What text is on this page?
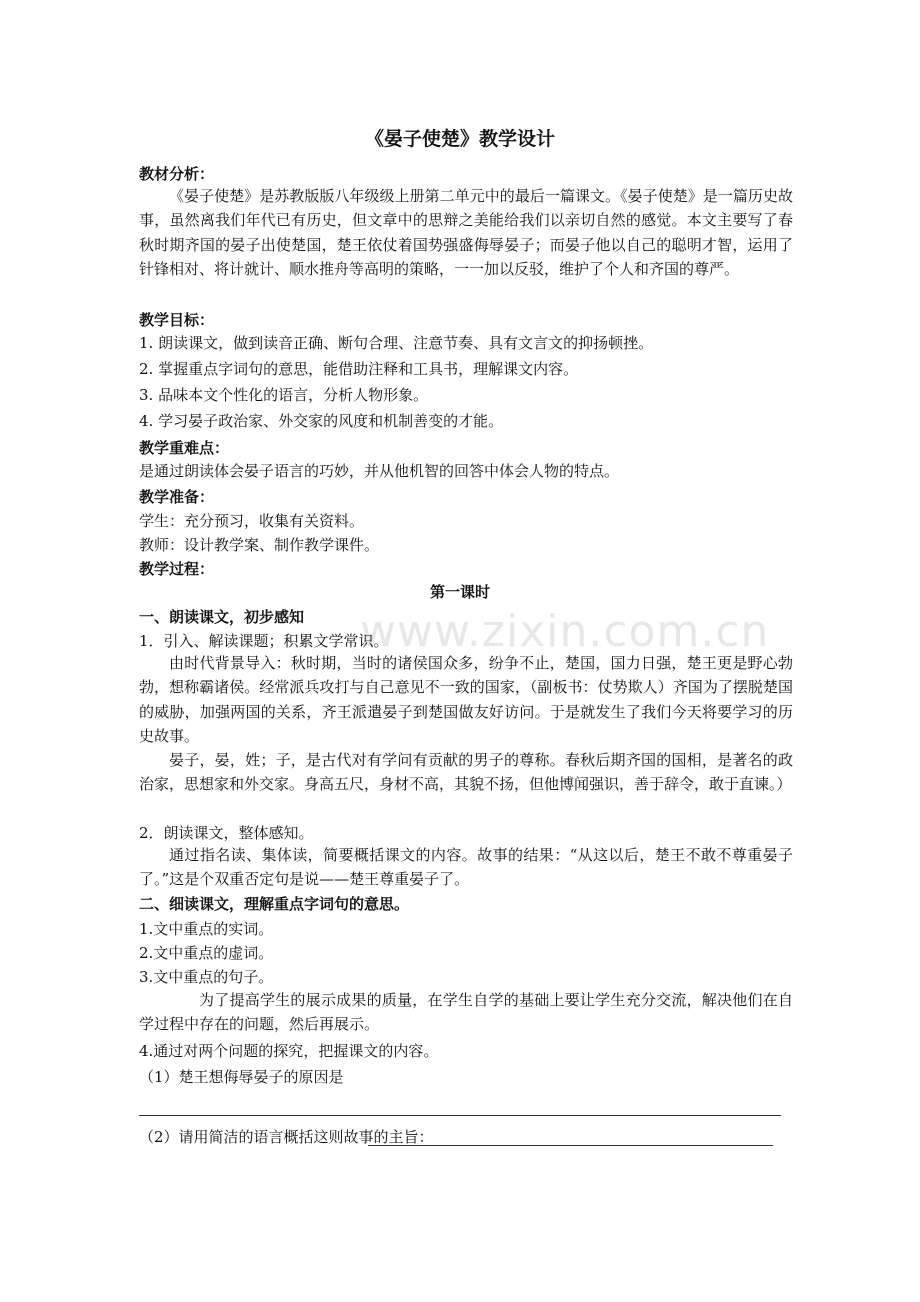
www.zixin.com.cn
《晏子使楚》教学设计
教材分析：
《晏子使楚》是苏教版版八年级级上册第二单元中的最后一篇课文。《晏子使楚》是一篇历史故事，虽然离我们年代已有历史，但文章中的思辩之美能给我们以亲切自然的感觉。本文主要写了春秋时期齐国的晏子出使楚国，楚王依仗着国势强盛侮辱晏子；而晏子他以自己的聪明才智，运用了针锋相对、将计就计、顺水推舟等高明的策略，一一加以反驳，维护了个人和齐国的尊严。
教学目标：
1. 朗读课文，做到读音正确、断句合理、注意节奏、具有文言文的抑扬顿挫。
2. 掌握重点字词句的意思，能借助注释和工具书，理解课文内容。
3. 品味本文个性化的语言，分析人物形象。
4. 学习晏子政治家、外交家的风度和机制善变的才能。
教学重难点：
是通过朗读体会晏子语言的巧妙，并从他机智的回答中体会人物的特点。
教学准备：
学生：充分预习，收集有关资料。
教师：设计教学案、制作教学课件。
教学过程：
第一课时
一、朗读课文，初步感知
1．引入、解读课题；积累文学常识。
由时代背景导入：秋时期，当时的诸侯国众多，纷争不止，楚国，国力日强，楚王更是野心勃勃，想称霸诸侯。经常派兵攻打与自己意见不一致的国家，（副板书：仗势欺人）齐国为了摆脱楚国的威胁，加强两国的关系，齐王派遣晏子到楚国做友好访问。于是就发生了我们今天将要学习的历史故事。
晏子，晏，姓；子，是古代对有学问有贡献的男子的尊称。春秋后期齐国的国相，是著名的政治家，思想家和外交家。身高五尺，身材不高，其貌不扬，但他博闻强识，善于辞令，敢于直谏。）
2．朗读课文，整体感知。
通过指名读、集体读，简要概括课文的内容。故事的结果：“从这以后，楚王不敢不尊重晏子了。”这是个双重否定句是说——楚王尊重晏子了。
二、细读课文，理解重点字词句的意思。
1.文中重点的实词。
2.文中重点的虚词。
3.文中重点的句子。
为了提高学生的展示成果的质量，在学生自学的基础上要让学生充分交流，解决他们在自学过程中存在的问题，然后再展示。
4.通过对两个问题的探究，把握课文的内容。
（1）楚王想侮辱晏子的原因是
（2）请用简洁的语言概括这则故事的主旨：
